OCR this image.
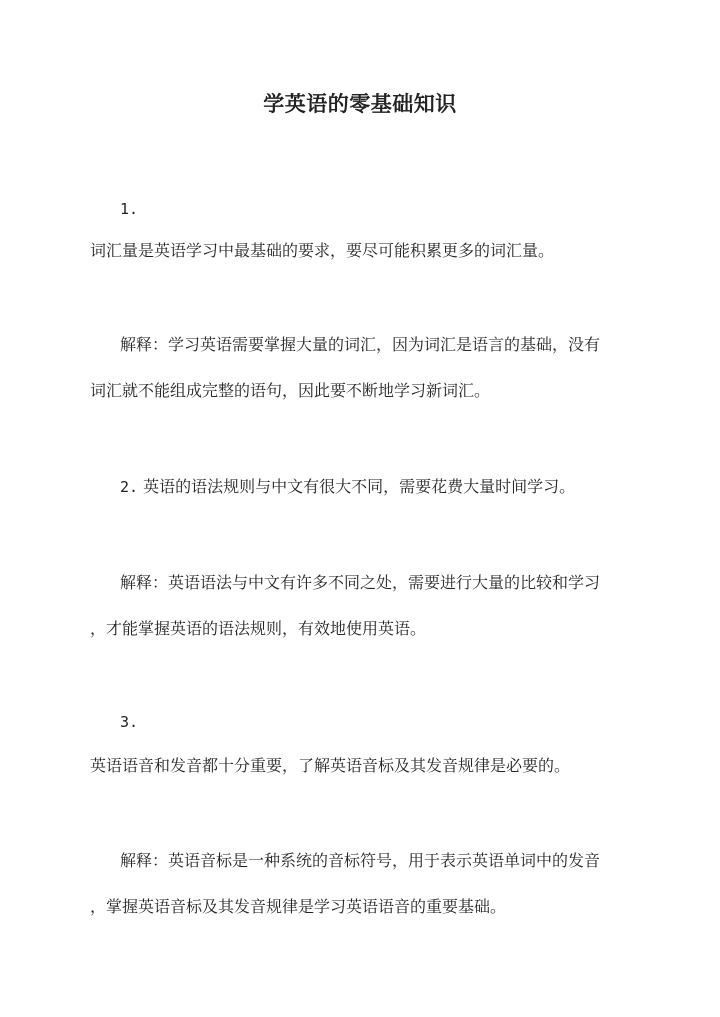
学英语的零基础知识
1.
词汇量是英语学习中最基础的要求，要尽可能积累更多的词汇量。
解释：学习英语需要掌握大量的词汇，因为词汇是语言的基础，没有
词汇就不能组成完整的语句，因此要不断地学习新词汇。
2. 英语的语法规则与中文有很大不同，需要花费大量时间学习。
解释：英语语法与中文有许多不同之处，需要进行大量的比较和学习
，才能掌握英语的语法规则，有效地使用英语。
3.
英语语音和发音都十分重要，了解英语音标及其发音规律是必要的。
解释：英语音标是一种系统的音标符号，用于表示英语单词中的发音
，掌握英语音标及其发音规律是学习英语语音的重要基础。
